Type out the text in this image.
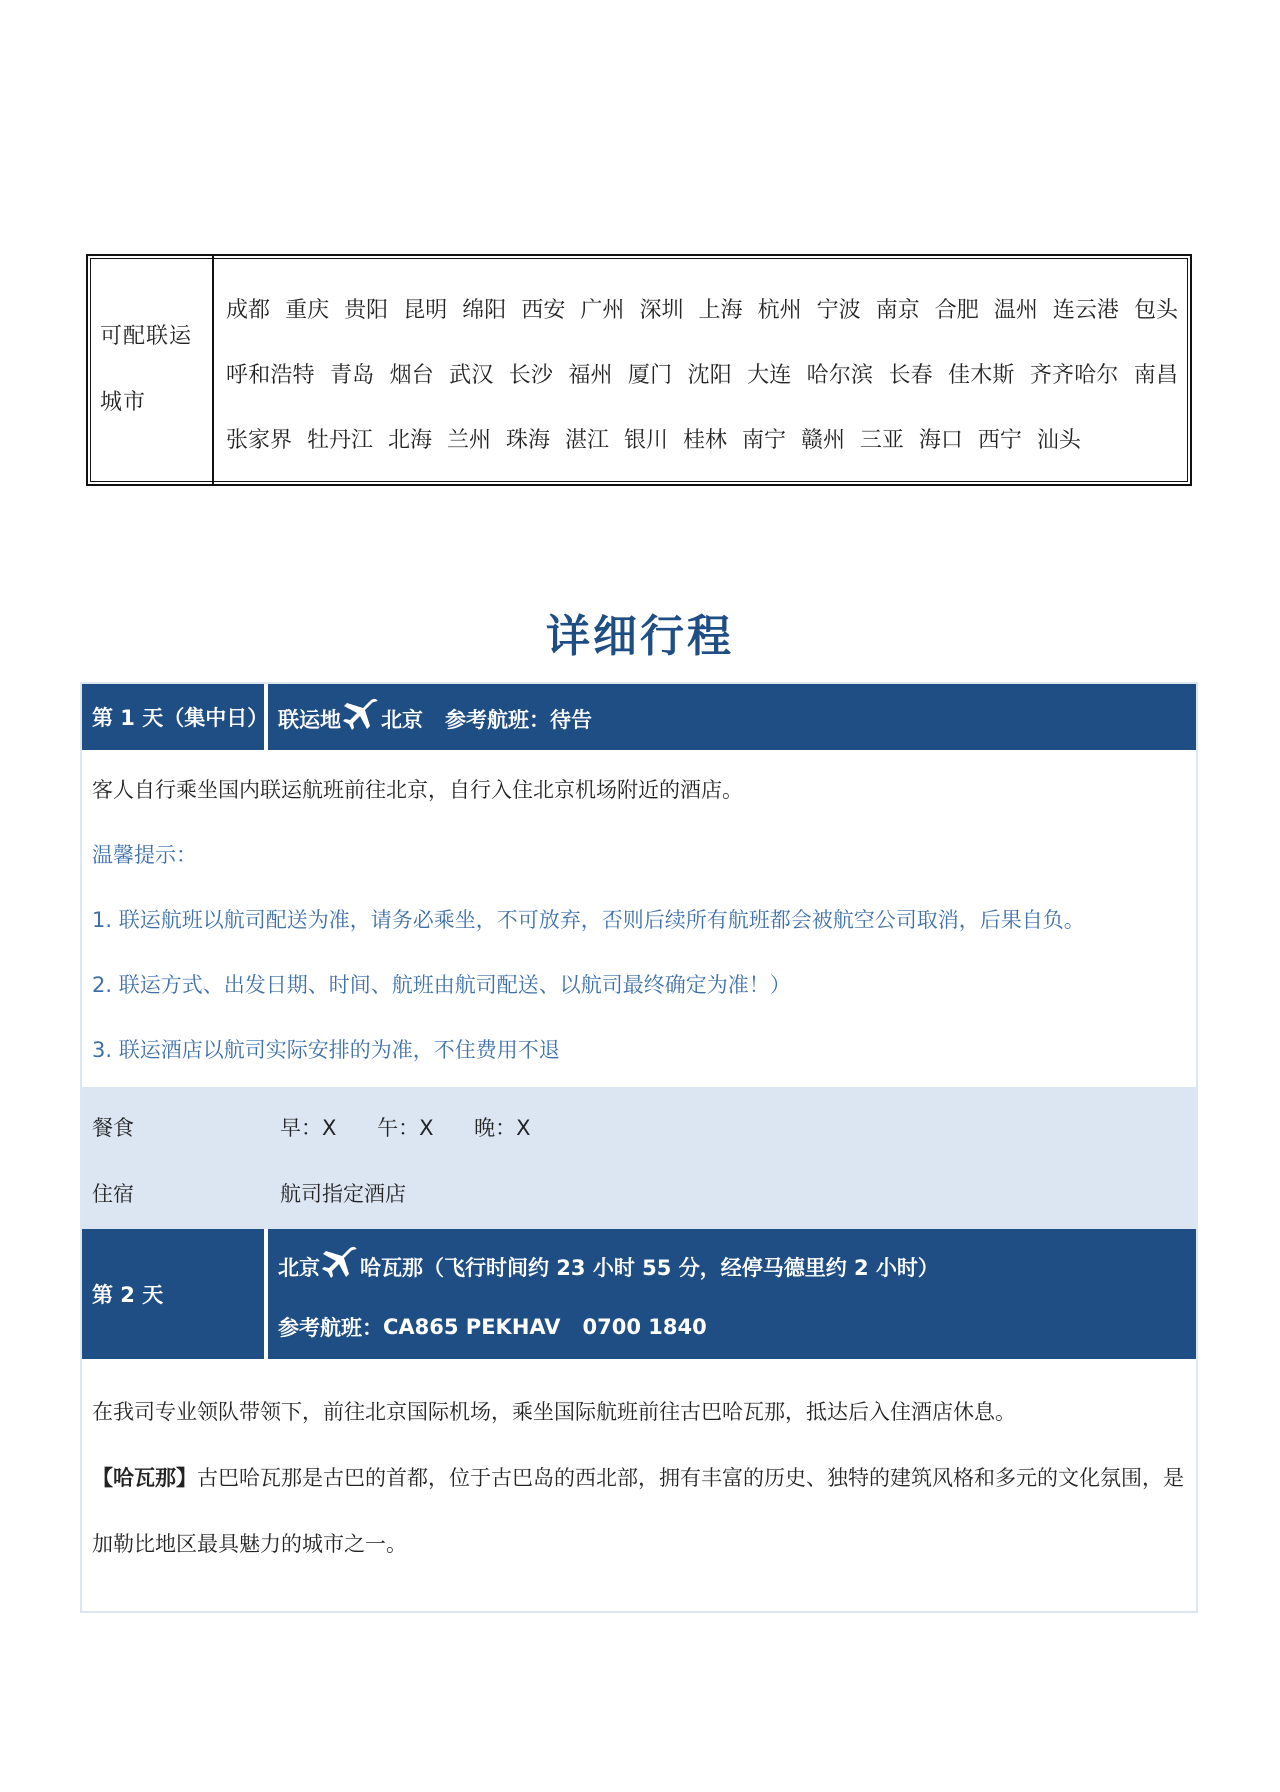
可配联运
城市
成都 重庆 贵阳 昆明 绵阳 西安 广州 深圳 上海 杭州 宁波 南京 合肥 温州 连云港 包头 呼和浩特 青岛 烟台 武汉 长沙 福州 厦门 沈阳 大连 哈尔滨 长春 佳木斯 齐齐哈尔 南昌 张家界 牡丹江 北海 兰州 珠海 湛江 银川 桂林 南宁 赣州 三亚 海口 西宁 汕头
详细行程
第 1 天（集中日） 联运地 北京 参考航班：待告

客人自行乘坐国内联运航班前往北京，自行入住北京机场附近的酒店。

温馨提示：

1. 联运航班以航司配送为准，请务必乘坐，不可放弃，否则后续所有航班都会被航空公司取消，后果自负。

2. 联运方式、出发日期、时间、航班由航司配送、以航司最终确定为准！）

3. 联运酒店以航司实际安排的为准，不住费用不退

餐食	早：X 午：X 晚：X
住宿	航司指定酒店
第 2 天
北京 哈瓦那（飞行时间约 23 小时 55 分，经停马德里约 2 小时）
参考航班： CA865 PEKHAV 0700 1840

在我司专业领队带领下，前往北京国际机场，乘坐国际航班前往古巴哈瓦那，抵达后入住酒店休息。

【哈瓦那】古巴哈瓦那是古巴的首都，位于古巴岛的西北部，拥有丰富的历史、独特的建筑风格和多元的文化氛围，是加勒比地区最具魅力的城市之一。
